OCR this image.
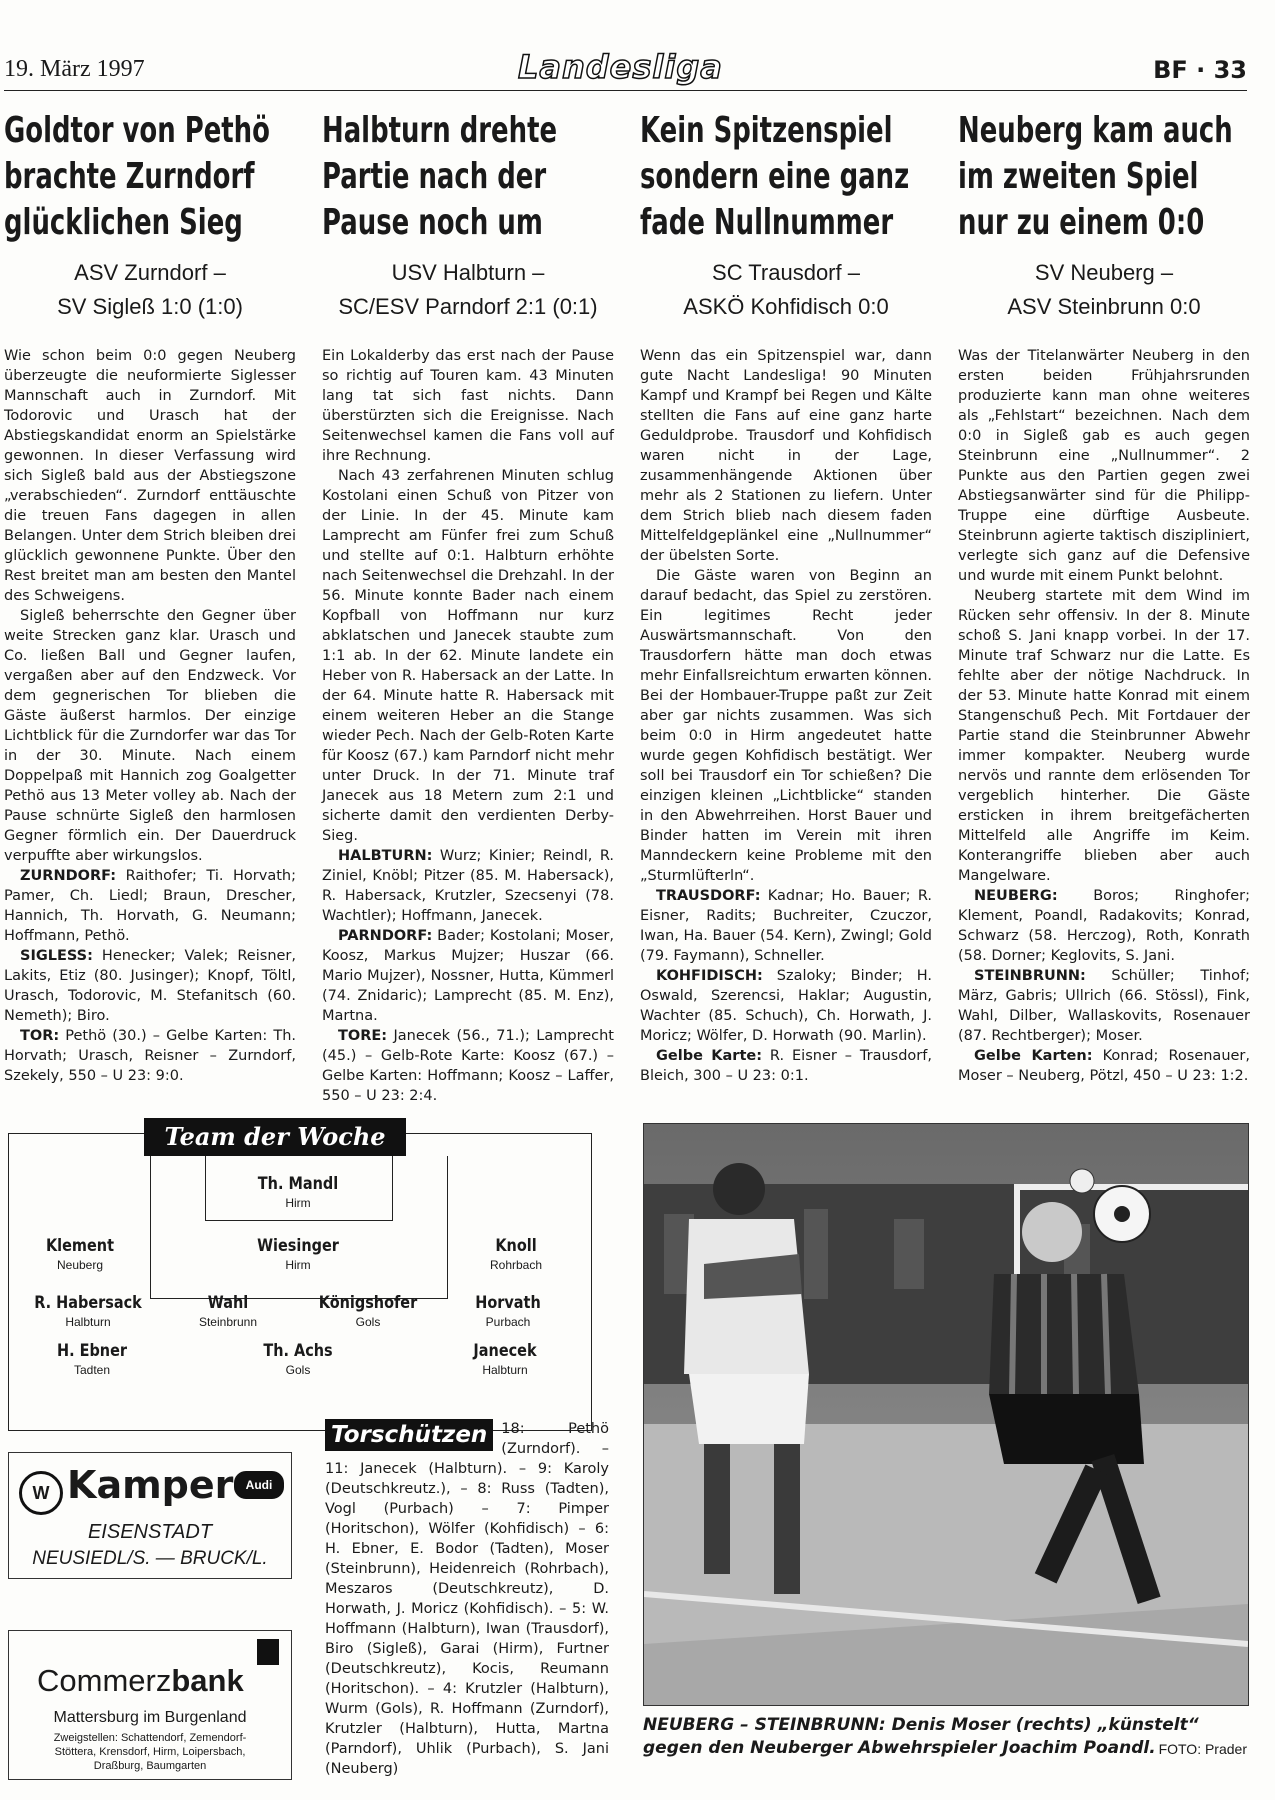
19. März 1997	Landesliga	BF · 33
Goldtor von Pethö
brachte Zurndorf
glücklichen Sieg
ASV Zurndorf –
SV Sigleß 1:0 (1:0)

Wie schon beim 0:0 gegen Neuberg überzeugte die neuformierte Siglesser Mannschaft auch in Zurndorf. Mit Todorovic und Urasch hat der Abstiegskandidat enorm an Spielstärke gewonnen. In dieser Verfassung wird sich Sigleß bald aus der Abstiegszone „verabschieden“. Zurndorf enttäuschte die treuen Fans dagegen in allen Belangen. Unter dem Strich bleiben drei glücklich gewonnene Punkte. Über den Rest breitet man am besten den Mantel des Schweigens.

Sigleß beherrschte den Gegner über weite Strecken ganz klar. Urasch und Co. ließen Ball und Gegner laufen, vergaßen aber auf den Endzweck. Vor dem gegnerischen Tor blieben die Gäste äußerst harmlos. Der einzige Lichtblick für die Zurndorfer war das Tor in der 30. Minute. Nach einem Doppelpaß mit Hannich zog Goalgetter Pethö aus 13 Meter volley ab. Nach der Pause schnürte Sigleß den harmlosen Gegner förmlich ein. Der Dauerdruck verpuffte aber wirkungslos.

ZURNDORF: Raithofer; Ti. Horvath; Pamer, Ch. Liedl; Braun, Drescher, Hannich, Th. Horvath, G. Neumann; Hoffmann, Pethö.

SIGLESS: Henecker; Valek; Reisner, Lakits, Etiz (80. Jusinger); Knopf, Töltl, Urasch, Todorovic, M. Stefanitsch (60. Nemeth); Biro.

TOR: Pethö (30.) – Gelbe Karten: Th. Horvath; Urasch, Reisner – Zurndorf, Szekely, 550 – U 23: 9:0.

Halbturn drehte
Partie nach der
Pause noch um
USV Halbturn –
SC/ESV Parndorf 2:1 (0:1)

Ein Lokalderby das erst nach der Pause so richtig auf Touren kam. 43 Minuten lang tat sich fast nichts. Dann überstürzten sich die Ereignisse. Nach Seitenwechsel kamen die Fans voll auf ihre Rechnung.

Nach 43 zerfahrenen Minuten schlug Kostolani einen Schuß von Pitzer von der Linie. In der 45. Minute kam Lamprecht am Fünfer frei zum Schuß und stellte auf 0:1. Halbturn erhöhte nach Seitenwechsel die Drehzahl. In der 56. Minute konnte Bader nach einem Kopfball von Hoffmann nur kurz abklatschen und Janecek staubte zum 1:1 ab. In der 62. Minute landete ein Heber von R. Habersack an der Latte. In der 64. Minute hatte R. Habersack mit einem weiteren Heber an die Stange wieder Pech. Nach der Gelb-Roten Karte für Koosz (67.) kam Parndorf nicht mehr unter Druck. In der 71. Minute traf Janecek aus 18 Metern zum 2:1 und sicherte damit den verdienten Derby-Sieg.

HALBTURN: Wurz; Kinier; Reindl, R. Ziniel, Knöbl; Pitzer (85. M. Habersack), R. Habersack, Krutzler, Szecsenyi (78. Wachtler); Hoffmann, Janecek.

PARNDORF: Bader; Kostolani; Moser, Koosz, Markus Mujzer; Huszar (66. Mario Mujzer), Nossner, Hutta, Kümmerl (74. Znidaric); Lamprecht (85. M. Enz), Martna.

TORE: Janecek (56., 71.); Lamprecht (45.) – Gelb-Rote Karte: Koosz (67.) – Gelbe Karten: Hoffmann; Koosz – Laffer, 550 – U 23: 2:4.

Kein Spitzenspiel
sondern eine ganz
fade Nullnummer
SC Trausdorf –
ASKÖ Kohfidisch 0:0

Wenn das ein Spitzenspiel war, dann gute Nacht Landesliga! 90 Minuten Kampf und Krampf bei Regen und Kälte stellten die Fans auf eine ganz harte Geduldprobe. Trausdorf und Kohfidisch waren nicht in der Lage, zusammenhängende Aktionen über mehr als 2 Stationen zu liefern. Unter dem Strich blieb nach diesem faden Mittelfeldgeplänkel eine „Nullnummer“ der übelsten Sorte.

Die Gäste waren von Beginn an darauf bedacht, das Spiel zu zerstören. Ein legitimes Recht jeder Auswärtsmannschaft. Von den Trausdorfern hätte man doch etwas mehr Einfallsreichtum erwarten können. Bei der Hombauer-Truppe paßt zur Zeit aber gar nichts zusammen. Was sich beim 0:0 in Hirm angedeutet hatte wurde gegen Kohfidisch bestätigt. Wer soll bei Trausdorf ein Tor schießen? Die einzigen kleinen „Lichtblicke“ standen in den Abwehrreihen. Horst Bauer und Binder hatten im Verein mit ihren Manndeckern keine Probleme mit den „Sturmlüfterln“.

TRAUSDORF: Kadnar; Ho. Bauer; R. Eisner, Radits; Buchreiter, Czuczor, Iwan, Ha. Bauer (54. Kern), Zwingl; Gold (79. Faymann), Schneller.

KOHFIDISCH: Szaloky; Binder; H. Oswald, Szerencsi, Haklar; Augustin, Wachter (85. Schuch), Ch. Horwath, J. Moricz; Wölfer, D. Horwath (90. Marlin).

Gelbe Karte: R. Eisner – Trausdorf, Bleich, 300 – U 23: 0:1.

Neuberg kam auch
im zweiten Spiel
nur zu einem 0:0
SV Neuberg –
ASV Steinbrunn 0:0

Was der Titelanwärter Neuberg in den ersten beiden Frühjahrsrunden produzierte kann man ohne weiteres als „Fehlstart“ bezeichnen. Nach dem 0:0 in Sigleß gab es auch gegen Steinbrunn eine „Nullnummer“. 2 Punkte aus den Partien gegen zwei Abstiegsanwärter sind für die Philipp-Truppe eine dürftige Ausbeute. Steinbrunn agierte taktisch diszipliniert, verlegte sich ganz auf die Defensive und wurde mit einem Punkt belohnt.

Neuberg startete mit dem Wind im Rücken sehr offensiv. In der 8. Minute schoß S. Jani knapp vorbei. In der 17. Minute traf Schwarz nur die Latte. Es fehlte aber der nötige Nachdruck. In der 53. Minute hatte Konrad mit einem Stangenschuß Pech. Mit Fortdauer der Partie stand die Steinbrunner Abwehr immer kompakter. Neuberg wurde nervös und rannte dem erlösenden Tor vergeblich hinterher. Die Gäste ersticken in ihrem breitgefächerten Mittelfeld alle Angriffe im Keim. Konterangriffe blieben aber auch Mangelware.

NEUBERG: Boros; Ringhofer; Klement, Poandl, Radakovits; Konrad, Schwarz (58. Herczog), Roth, Konrath (58. Dorner; Keglovits, S. Jani.

STEINBRUNN: Schüller; Tinhof; März, Gabris; Ullrich (66. Stössl), Fink, Wahl, Dilber, Wallaskovits, Rosenauer (87. Rechtberger); Moser.

Gelbe Karten: Konrad; Rosenauer, Moser – Neuberg, Pötzl, 450 – U 23: 1:2.

Team der Woche
Th. Mandl
Hirm
Klement
Neuberg
Wiesinger
Hirm
Knoll
Rohrbach
R. Habersack
Halbturn
Wahl
Steinbrunn
Königshofer
Gols
Horvath
Purbach
H. Ebner
Tadten
Th. Achs
Gols
Janecek
Halbturn
W Kamper	Audi
EISENSTADT
NEUSIEDL/S. — BRUCK/L.
Commerzbank
Mattersburg im Burgenland
Zweigstellen: Schattendorf, Zemendorf-Stöttera, Krensdorf, Hirm, Loipersbach, Draßburg, Baumgarten
Torschützen 18: Pethö (Zurndorf). – 11: Janecek (Halbturn). – 9: Karoly (Deutschkreutz.), – 8: Russ (Tadten), Vogl (Purbach) – 7: Pimper (Horitschon), Wölfer (Kohfidisch) – 6: H. Ebner, E. Bodor (Tadten), Moser (Steinbrunn), Heidenreich (Rohrbach), Meszaros (Deutschkreutz), D. Horwath, J. Moricz (Kohfidisch). – 5: W. Hoffmann (Halbturn), Iwan (Trausdorf), Biro (Sigleß), Garai (Hirm), Furtner (Deutschkreutz), Kocis, Reumann (Horitschon). – 4: Krutzler (Halbturn), Wurm (Gols), R. Hoffmann (Zurndorf), Krutzler (Halbturn), Hutta, Martna (Parndorf), Uhlik (Purbach), S. Jani (Neuberg)
NEUBERG – STEINBRUNN: Denis Moser (rechts) „künstelt“ gegen den Neuberger Abwehrspieler Joachim Poandl. FOTO: Prader
